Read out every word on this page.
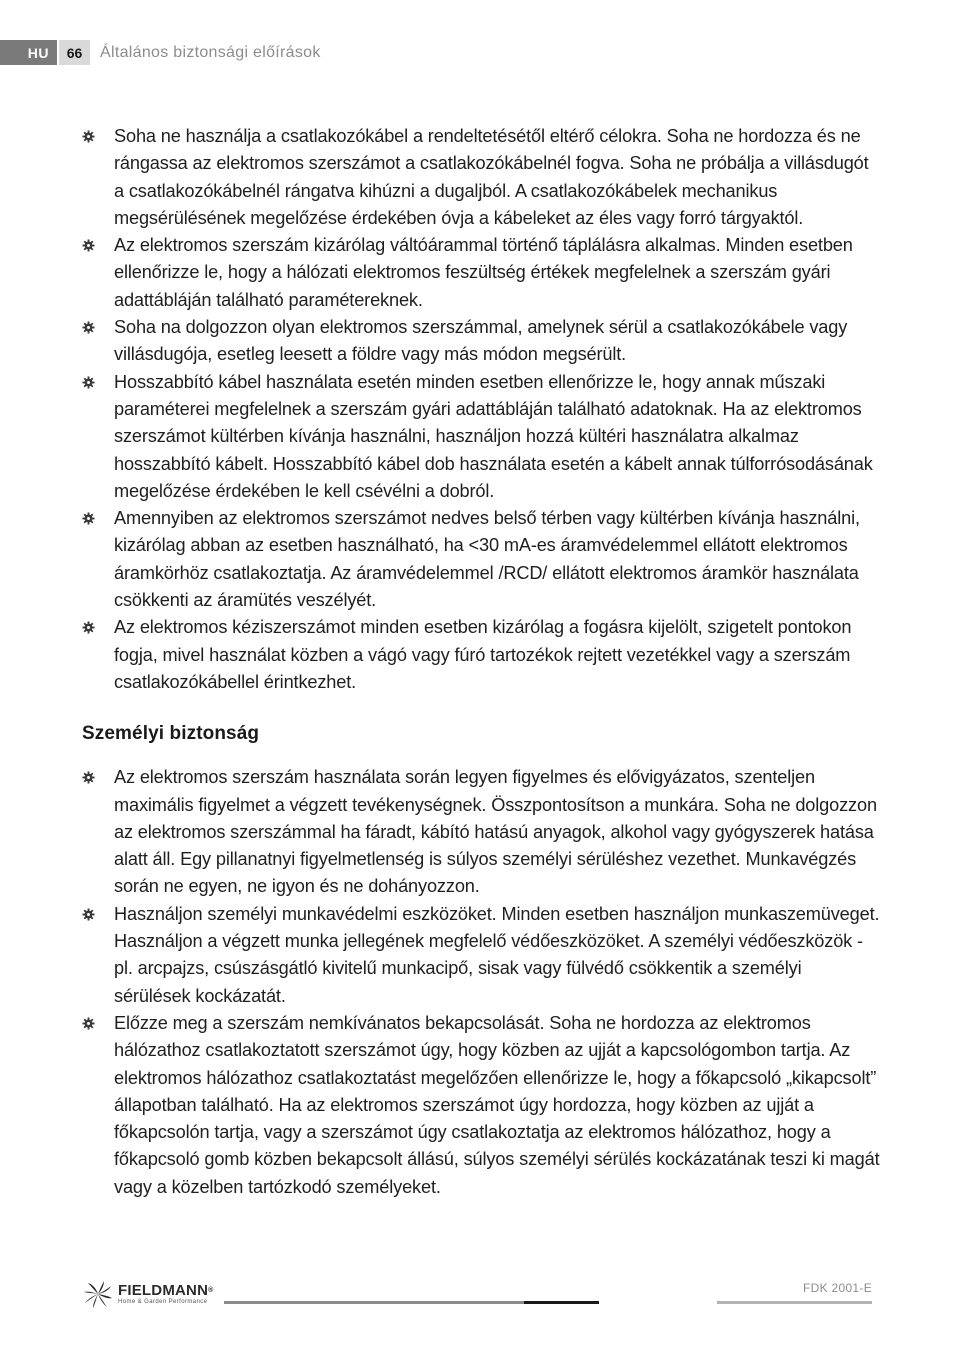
HU	66	Általános biztonsági előírások
Soha ne használja a csatlakozókábel a rendeltetésétől eltérő célokra. Soha ne hordozza és ne rángassa az elektromos szerszámot a csatlakozókábelnél fogva. Soha ne próbálja a villásdugót a csatlakozókábelnél rángatva kihúzni a dugaljból. A csatlakozókábelek mechanikus megsérülésének megelőzése érdekében óvja a kábeleket az éles vagy forró tárgyaktól.
Az elektromos szerszám kizárólag váltóárammal történő táplálásra alkalmas. Minden esetben ellenőrizze le, hogy a hálózati elektromos feszültség értékek megfelelnek a szerszám gyári adattábláján található paramétereknek.
Soha na dolgozzon olyan elektromos szerszámmal, amelynek sérül a csatlakozókábele vagy villásdugója, esetleg leesett a földre vagy más módon megsérült.
Hosszabbító kábel használata esetén minden esetben ellenőrizze le, hogy annak műszaki paraméterei megfelelnek a szerszám gyári adattábláján található adatoknak. Ha az elektromos szerszámot kültérben kívánja használni, használjon hozzá kültéri használatra alkalmaz hosszabbító kábelt. Hosszabbító kábel dob használata esetén a kábelt annak túlforrósodásának megelőzése érdekében le kell csévélni a dobról.
Amennyiben az elektromos szerszámot nedves belső térben vagy kültérben kívánja használni, kizárólag abban az esetben használható, ha <30 mA-es áramvédelemmel ellátott elektromos áramkörhöz csatlakoztatja. Az áramvédelemmel /RCD/ ellátott elektromos áramkör használata csökkenti az áramütés veszélyét.
Az elektromos kéziszerszámot minden esetben kizárólag a fogásra kijelölt, szigetelt pontokon fogja, mivel használat közben a vágó vagy fúró tartozékok rejtett vezetékkel vagy a szerszám csatlakozókábellel érintkezhet.
Személyi biztonság
Az elektromos szerszám használata során legyen figyelmes és elővigyázatos, szenteljen maximális figyelmet a végzett tevékenységnek. Összpontosítson a munkára. Soha ne dolgozzon az elektromos szerszámmal ha fáradt, kábító hatású anyagok, alkohol vagy gyógyszerek hatása alatt áll. Egy pillanatnyi figyelmetlenség is súlyos személyi sérüléshez vezethet. Munkavégzés során ne egyen, ne igyon és ne dohányozzon.
Használjon személyi munkavédelmi eszközöket. Minden esetben használjon munkaszemüveget. Használjon a végzett munka jellegének megfelelő védőeszközöket. A személyi védőeszközök - pl. arcpajzs, csúszásgátló kivitelű munkacipő, sisak vagy fülvédő csökkentik a személyi sérülések kockázatát.
Előzze meg a szerszám nemkívánatos bekapcsolását. Soha ne hordozza az elektromos hálózathoz csatlakoztatott szerszámot úgy, hogy közben az ujját a kapcsológombon tartja. Az elektromos hálózathoz csatlakoztatást megelőzően ellenőrizze le, hogy a főkapcsoló „kikapcsolt” állapotban található. Ha az elektromos szerszámot úgy hordozza, hogy közben az ujját a főkapcsolón tartja, vagy a szerszámot úgy csatlakoztatja az elektromos hálózathoz, hogy a főkapcsoló gomb közben bekapcsolt állású, súlyos személyi sérülés kockázatának teszi ki magát vagy a közelben tartózkodó személyeket.
FIELDMANN®
Home & Garden Performance
FDK 2001-E
